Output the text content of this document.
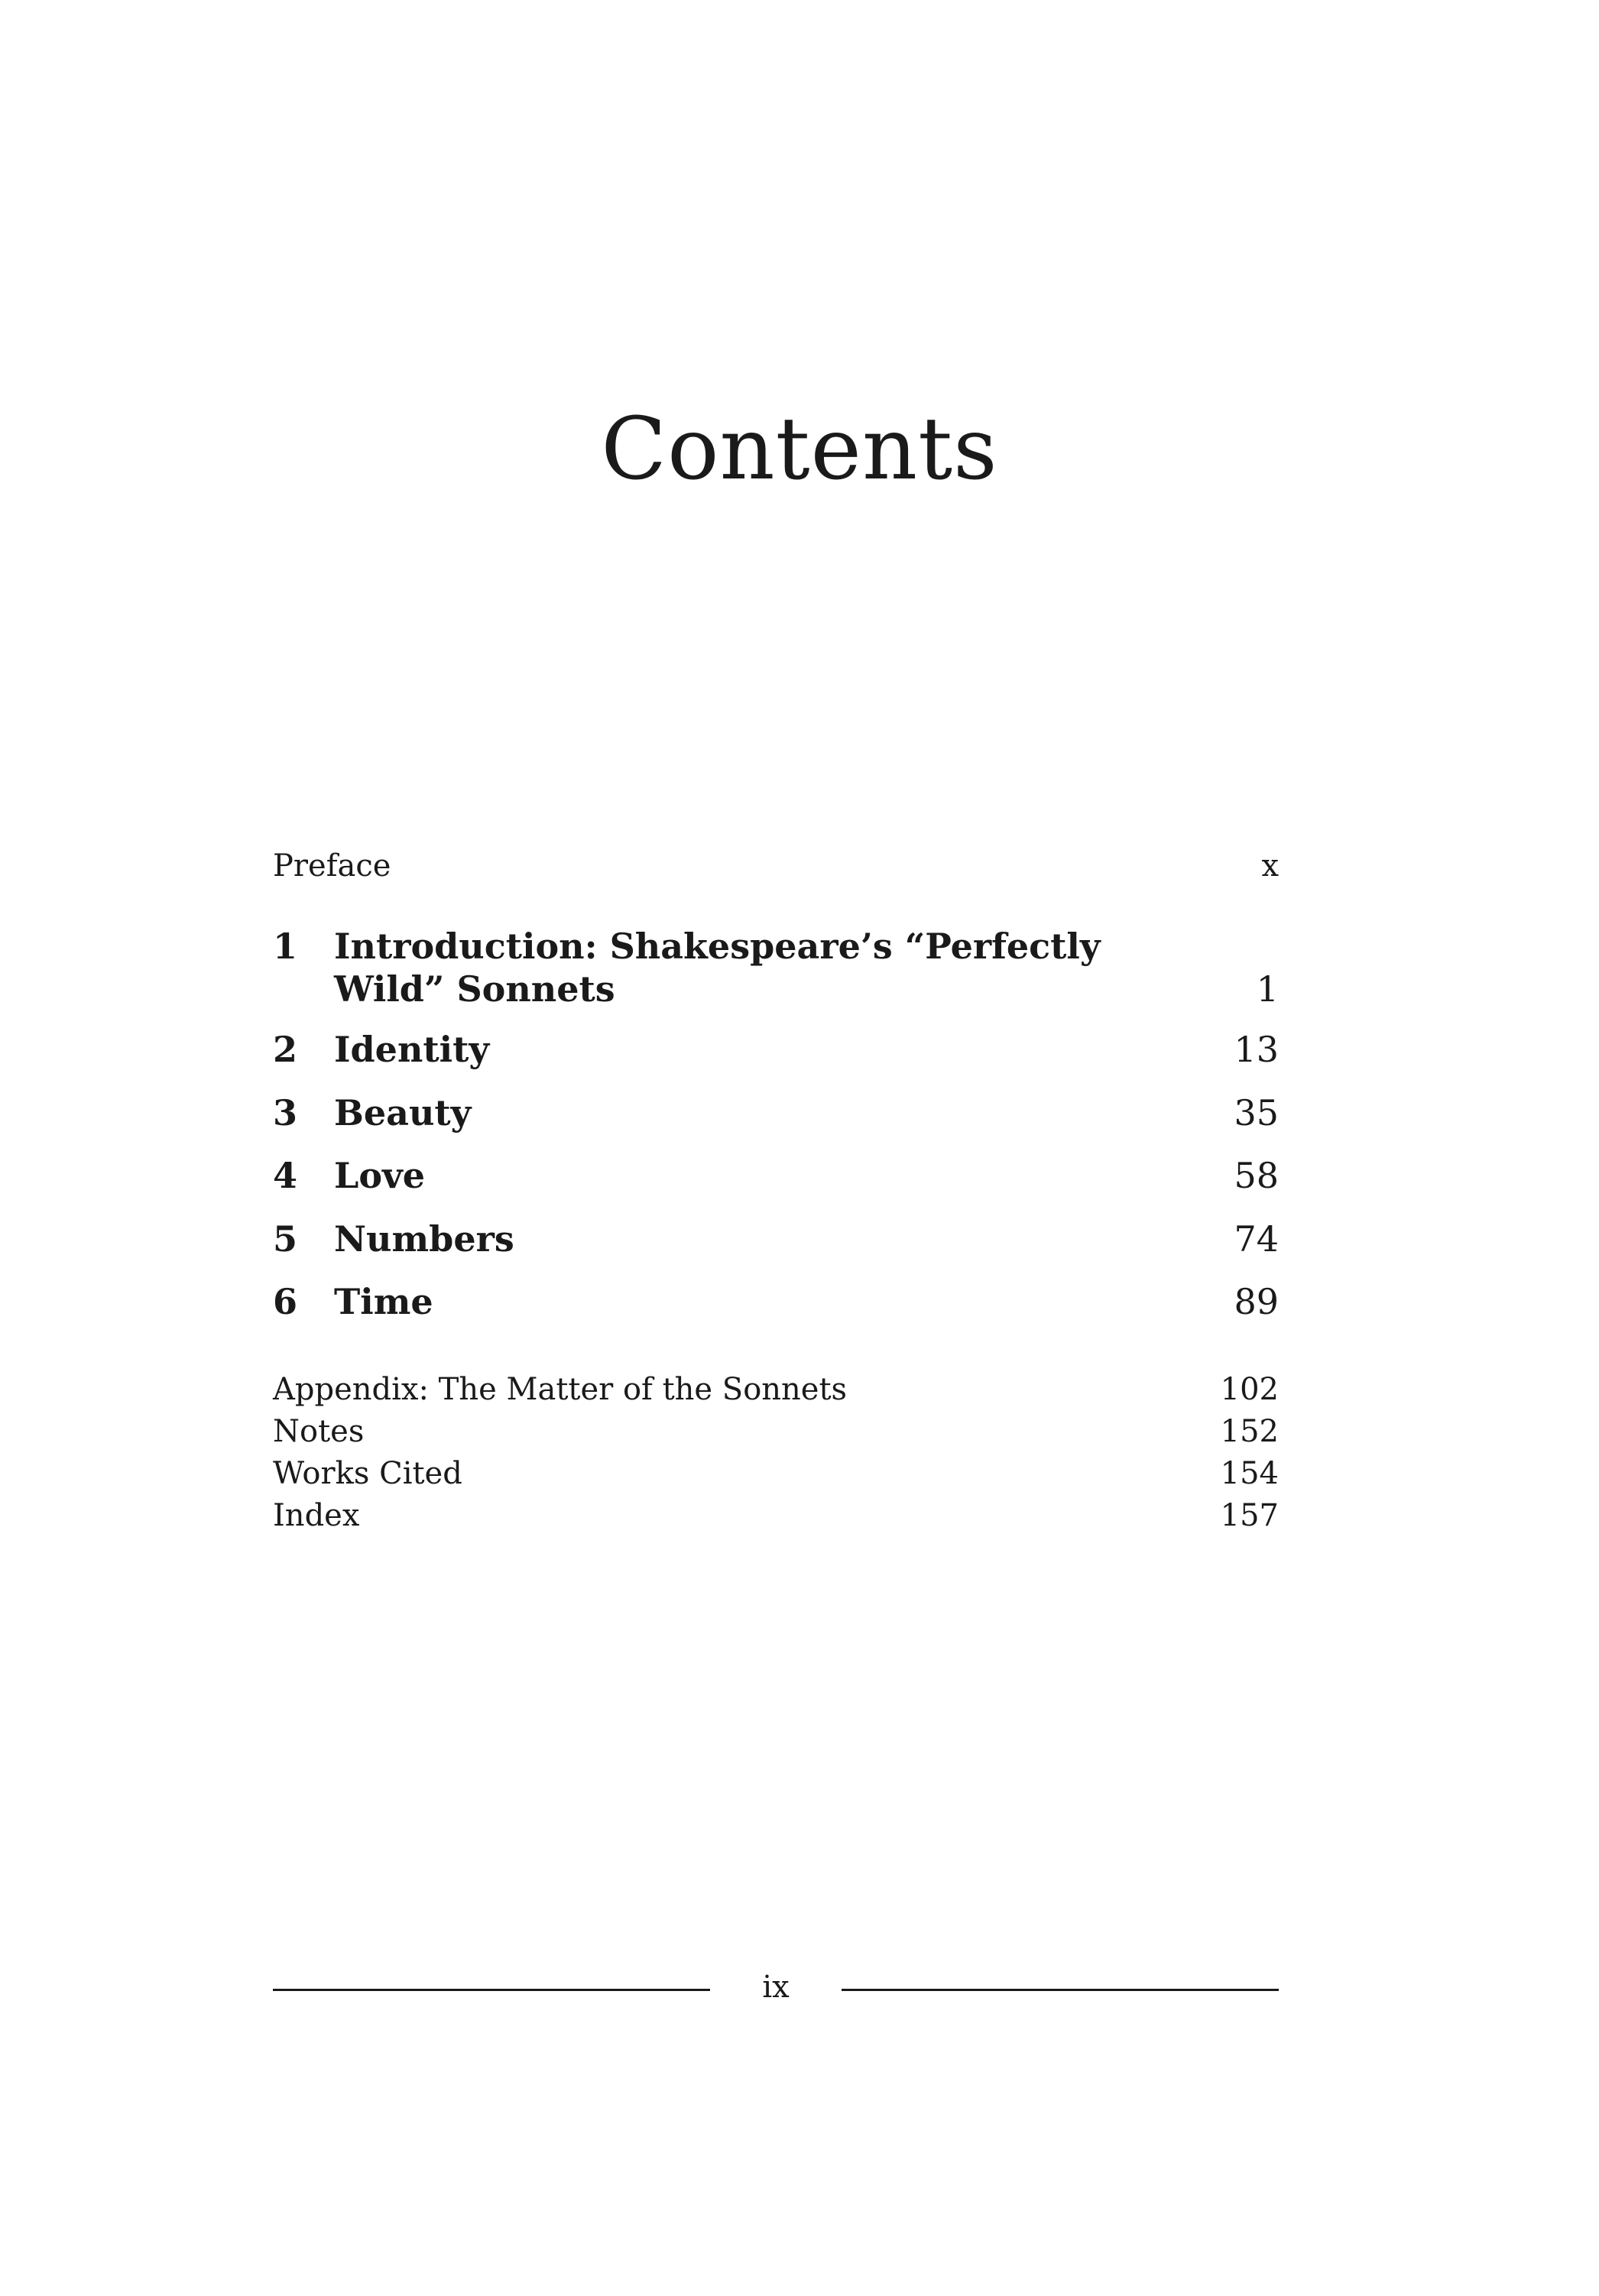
Contents
Preface	x
1 Introduction: Shakespeare’s “Perfectly
Wild” Sonnets	1
2 Identity	13
3 Beauty	35
4 Love	58
5 Numbers	74
6 Time	89
Appendix: The Matter of the Sonnets	102
Notes	152
Works Cited	154
Index	157
ix
